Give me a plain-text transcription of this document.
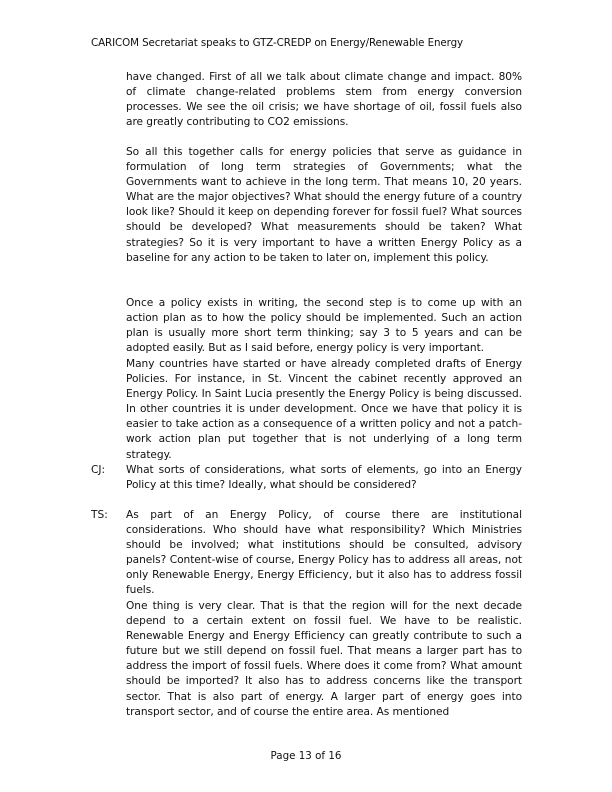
CARICOM Secretariat speaks to GTZ-CREDP on Energy/Renewable Energy

have changed. First of all we talk about climate change and impact. 80% of climate change-related problems stem from energy conversion processes. We see the oil crisis; we have shortage of oil, fossil fuels also are greatly contributing to CO2 emissions.

So all this together calls for energy policies that serve as guidance in formulation of long term strategies of Governments; what the Governments want to achieve in the long term. That means 10, 20 years. What are the major objectives? What should the energy future of a country look like? Should it keep on depending forever for fossil fuel? What sources should be developed? What measurements should be taken? What strategies? So it is very important to have a written Energy Policy as a baseline for any action to be taken to later on, implement this policy.

Once a policy exists in writing, the second step is to come up with an action plan as to how the policy should be implemented. Such an action plan is usually more short term thinking; say 3 to 5 years and can be adopted easily. But as I said before, energy policy is very important.

Many countries have started or have already completed drafts of Energy Policies. For instance, in St. Vincent the cabinet recently approved an Energy Policy. In Saint Lucia presently the Energy Policy is being discussed. In other countries it is under development. Once we have that policy it is easier to take action as a consequence of a written policy and not a patch-work action plan put together that is not underlying of a long term strategy.

CJ: What sorts of considerations, what sorts of elements, go into an Energy Policy at this time? Ideally, what should be considered?

TS: As part of an Energy Policy, of course there are institutional considerations. Who should have what responsibility? Which Ministries should be involved; what institutions should be consulted, advisory panels? Content-wise of course, Energy Policy has to address all areas, not only Renewable Energy, Energy Efficiency, but it also has to address fossil fuels.

One thing is very clear. That is that the region will for the next decade depend to a certain extent on fossil fuel. We have to be realistic. Renewable Energy and Energy Efficiency can greatly contribute to such a future but we still depend on fossil fuel. That means a larger part has to address the import of fossil fuels. Where does it come from? What amount should be imported? It also has to address concerns like the transport sector. That is also part of energy. A larger part of energy goes into transport sector, and of course the entire area. As mentioned

Page 13 of 16
